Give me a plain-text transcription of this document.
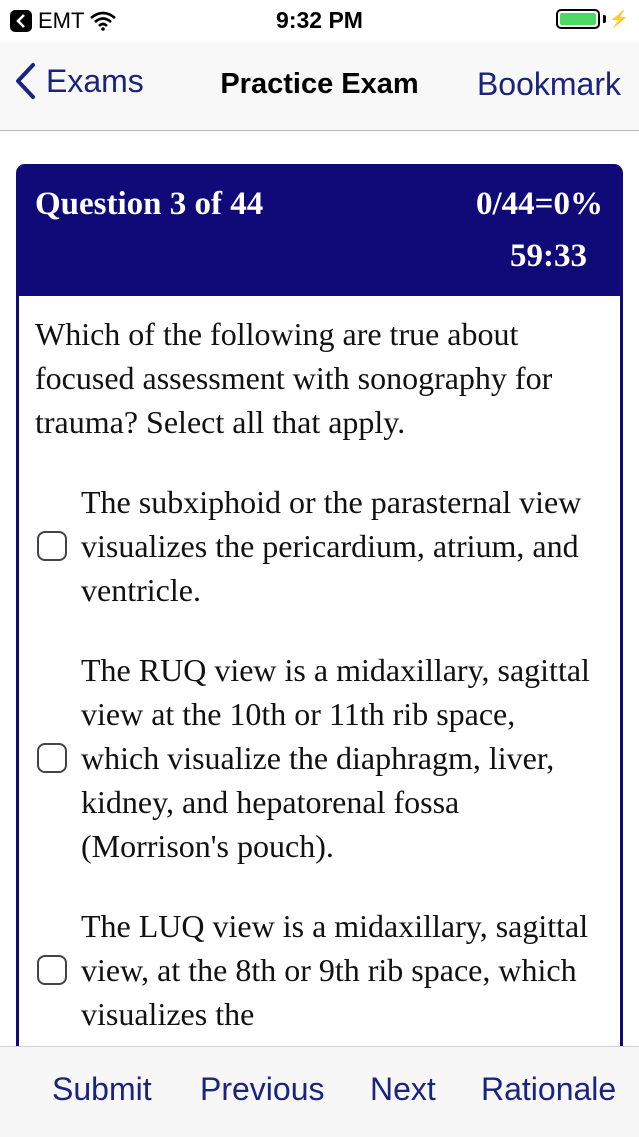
EMT	9:32 PM	⚡
Exams	Practice Exam	Bookmark
Question 3 of 44	0/44=0%
59:33
Which of the following are true about focused assessment with sonography for trauma? Select all that apply.
The subxiphoid or the parasternal view visualizes the pericardium, atrium, and ventricle.
The RUQ view is a midaxillary, sagittal view at the 10th or 11th rib space, which visualize the diaphragm, liver, kidney, and hepatorenal fossa (Morrison's pouch).
The LUQ view is a midaxillary, sagittal view, at the 8th or 9th rib space, which visualizes the
Submit Previous Next Rationale
